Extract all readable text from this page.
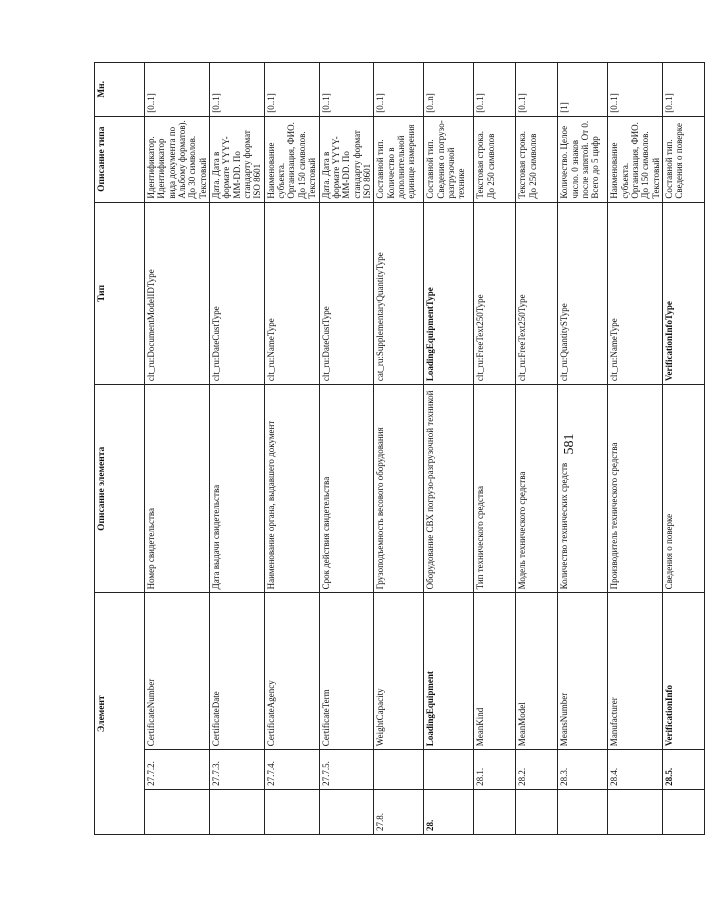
581
Элемент			Описание элемента	Тип	Описание типа	Мн.
	27.7.2.	CertificateNumber	Номер свидетельства	clt_ru:DocumentModelIDType	Идентификатор. Идентификатор вида документа по Альбому форматов). До 30 символов. Текстовый	[0..1]
	27.7.3.	CertificateDate	Дата выдачи свидетельства	clt_ru:DateCustType	Дата. Дата в формате YYYY-MM-DD. По стандарту формат ISO 8601	[0..1]
	27.7.4.	CertificateAgency	Наименование органа, выдавшего документ	clt_ru:NameType	Наименование субъекта. Организация, ФИО. До 150 символов. Текстовый	[0..1]
	27.7.5.	CertificateTerm	Срок действия свидетельства	clt_ru:DateCustType	Дата. Дата в формате YYYY-MM-DD. По стандарту формат ISO 8601	[0..1]
27.8.		WeightCapacity	Грузоподъемность весового оборудования	cat_ru:SupplementaryQuantityType	Составной тип. Количество в дополнительной единице измерения	[0..1]
28.		LoadingEquipment	Оборудование СВХ погрузо-разгрузочной техникой	LoadingEquipmentType	Составной тип. Сведения о погрузо-разгрузочной технике	[0..n]
	28.1.	MeanKind	Тип технического средства	clt_ru:FreeText250Type	Текстовая строка. До 250 символов	[0..1]
	28.2.	MeanModel	Модель технического средства	clt_ru:FreeText250Type	Текстовая строка. До 250 символов	[0..1]
	28.3.	MeansNumber	Количество технических средств	clt_ru:QuantitySType	Количество. Целое число. 0 знаков после запятой. От 0. Всего до 5 цифр	[1]
	28.4.	Manufacturer	Производитель технического средства	clt_ru:NameType	Наименование субъекта. Организация, ФИО. До 150 символов. Текстовый	[0..1]
	28.5.	VerificationInfo	Сведения о поверке	VerificationInfoType	Составной тип. Сведения о поверке	[0..1]
